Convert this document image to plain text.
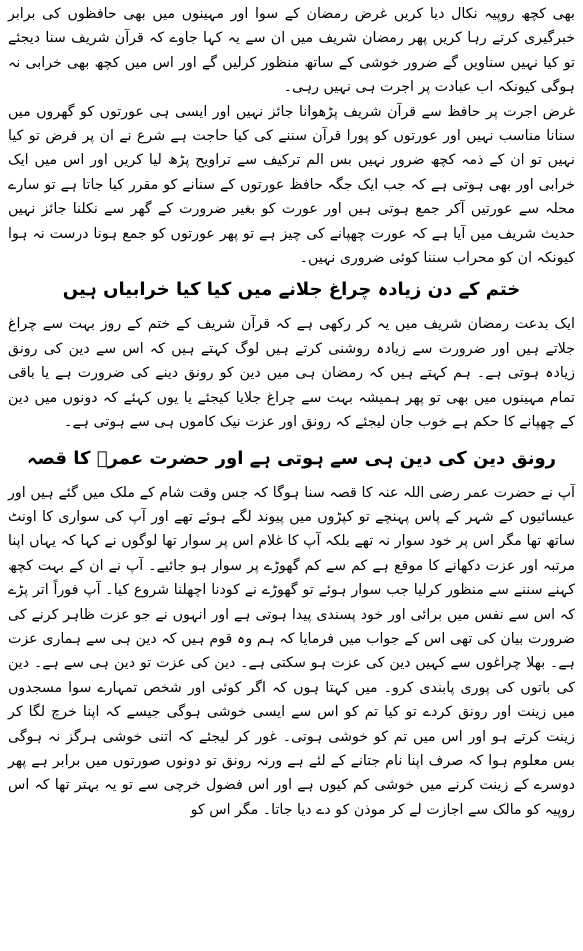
بھی کچھ روپیہ نکال دیا کریں غرض رمضان کے سوا اور مہینوں میں بھی حافظوں کی برابر خبرگیری کرتے رہا کریں پھر رمضان شریف میں ان سے یہ کہا جاوے کہ قرآن شریف سنا دیجئے تو کیا نہیں سناویں گے ضرور خوشی کے ساتھ منظور کرلیں گے اور اس میں کچھ بھی خرابی نہ ہوگی کیونکہ اب عبادت پر اجرت ہی نہیں رہی۔

غرض اجرت پر حافظ سے قرآن شریف پڑھوانا جائز نہیں اور ایسی ہی عورتوں کو گھروں میں سنانا مناسب نہیں اور عورتوں کو پورا قرآن سننے کی کیا حاجت ہے شرع نے ان پر فرض تو کیا نہیں تو ان کے ذمہ کچھ ضرور نہیں بس الم ترکیف سے تراویح پڑھ لیا کریں اور اس میں ایک خرابی اور بھی ہوتی ہے کہ جب ایک جگہ حافظ عورتوں کے سنانے کو مقرر کیا جاتا ہے تو سارے محلہ سے عورتیں آکر جمع ہوتی ہیں اور عورت کو بغیر ضرورت کے گھر سے نکلنا جائز نہیں حدیث شریف میں آیا ہے کہ عورت چھپانے کی چیز ہے تو پھر عورتوں کو جمع ہونا درست نہ ہوا کیونکہ ان کو محراب سننا کوئی ضروری نہیں۔

ختم کے دن زیادہ چراغ جلانے میں کیا کیا خرابیاں ہیں

ایک بدعت رمضان شریف میں یہ کر رکھی ہے کہ قرآن شریف کے ختم کے روز بہت سے چراغ جلاتے ہیں اور ضرورت سے زیادہ روشنی کرتے ہیں لوگ کہتے ہیں کہ اس سے دین کی رونق زیادہ ہوتی ہے۔ ہم کہتے ہیں کہ رمضان ہی میں دین کو رونق دینے کی ضرورت ہے یا باقی تمام مہینوں میں بھی تو پھر ہمیشہ بہت سے چراغ جلایا کیجئے یا یوں کہئے کہ دونوں میں دین کے چھپانے کا حکم ہے خوب جان لیجئے کہ رونق اور عزت نیک کاموں ہی سے ہوتی ہے۔

رونق دین کی دین ہی سے ہوتی ہے اور حضرت عمرؓ کا قصہ

آپ نے حضرت عمر رضی اللہ عنہ کا قصہ سنا ہوگا کہ جس وقت شام کے ملک میں گئے ہیں اور عیسائیوں کے شہر کے پاس پہنچے تو کپڑوں میں پیوند لگے ہوئے تھے اور آپ کی سواری کا اونٹ ساتھ تھا مگر اس پر خود سوار نہ تھے بلکہ آپ کا غلام اس پر سوار تھا لوگوں نے کہا کہ یہاں اپنا مرتبہ اور عزت دکھانے کا موقع ہے کم سے کم گھوڑے پر سوار ہو جائیے۔ آپ نے ان کے بہت کچھ کہنے سننے سے منظور کرلیا جب سوار ہوئے تو گھوڑے نے کودنا اچھلنا شروع کیا۔ آپ فوراً اتر پڑے کہ اس سے نفس میں برائی اور خود پسندی پیدا ہوتی ہے اور انہوں نے جو عزت ظاہر کرنے کی ضرورت بیان کی تھی اس کے جواب میں فرمایا کہ ہم وہ قوم ہیں کہ دین ہی سے ہماری عزت ہے۔ بھلا چراغوں سے کہیں دین کی عزت ہو سکتی ہے۔ دین کی عزت تو دین ہی سے ہے۔ دین کی باتوں کی پوری پابندی کرو۔ میں کہتا ہوں کہ اگر کوئی اور شخص تمہارے سوا مسجدوں میں زینت اور رونق کردے تو کیا تم کو اس سے ایسی خوشی ہوگی جیسے کہ اپنا خرچ لگا کر زینت کرتے ہو اور اس میں تم کو خوشی ہوتی۔ غور کر لیجئے کہ اتنی خوشی ہرگز نہ ہوگی بس معلوم ہوا کہ صرف اپنا نام جتانے کے لئے ہے ورنہ رونق تو دونوں صورتوں میں برابر ہے پھر دوسرے کے زینت کرنے میں خوشی کم کیوں ہے اور اس فضول خرچی سے تو یہ بہتر تھا کہ اس روپیہ کو مالک سے اجازت لے کر موذن کو دے دیا جاتا۔ مگر اس کو
